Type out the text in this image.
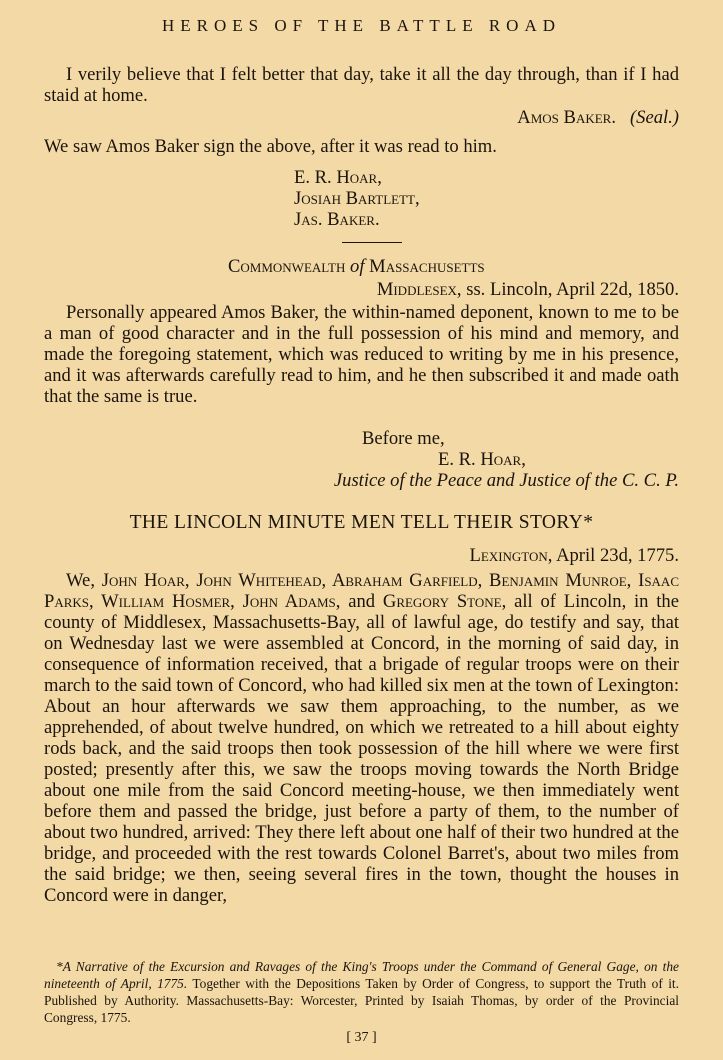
HEROES OF THE BATTLE ROAD

I verily believe that I felt better that day, take it all the day through, than if I had staid at home.

Amos Baker. (Seal.)
We saw Amos Baker sign the above, after it was read to him.
E. R. Hoar,
Josiah Bartlett,
Jas. Baker.
Commonwealth of Massachusetts
Middlesex, ss. Lincoln, April 22d, 1850.

Personally appeared Amos Baker, the within-named deponent, known to me to be a man of good character and in the full possession of his mind and memory, and made the foregoing statement, which was reduced to writing by me in his presence, and it was afterwards carefully read to him, and he then subscribed it and made oath that the same is true.

Before me,
E. R. Hoar,
Justice of the Peace and Justice of the C. C. P.
THE LINCOLN MINUTE MEN TELL THEIR STORY*
Lexington, April 23d, 1775.

We, John Hoar, John Whitehead, Abraham Garfield, Benjamin Munroe, Isaac Parks, William Hosmer, John Adams, and Gregory Stone, all of Lincoln, in the county of Middlesex, Massachusetts-Bay, all of lawful age, do testify and say, that on Wednesday last we were assembled at Concord, in the morning of said day, in consequence of information received, that a brigade of regular troops were on their march to the said town of Concord, who had killed six men at the town of Lexington: About an hour afterwards we saw them approaching, to the number, as we apprehended, of about twelve hundred, on which we retreated to a hill about eighty rods back, and the said troops then took possession of the hill where we were first posted; presently after this, we saw the troops moving towards the North Bridge about one mile from the said Concord meeting-house, we then immediately went before them and passed the bridge, just before a party of them, to the number of about two hundred, arrived: They there left about one half of their two hundred at the bridge, and proceeded with the rest towards Colonel Barret's, about two miles from the said bridge; we then, seeing several fires in the town, thought the houses in Concord were in danger,

*A Narrative of the Excursion and Ravages of the King's Troops under the Command of General Gage, on the nineteenth of April, 1775. Together with the Depositions Taken by Order of Congress, to support the Truth of it. Published by Authority. Massachusetts-Bay: Worcester, Printed by Isaiah Thomas, by order of the Provincial Congress, 1775.

[ 37 ]
